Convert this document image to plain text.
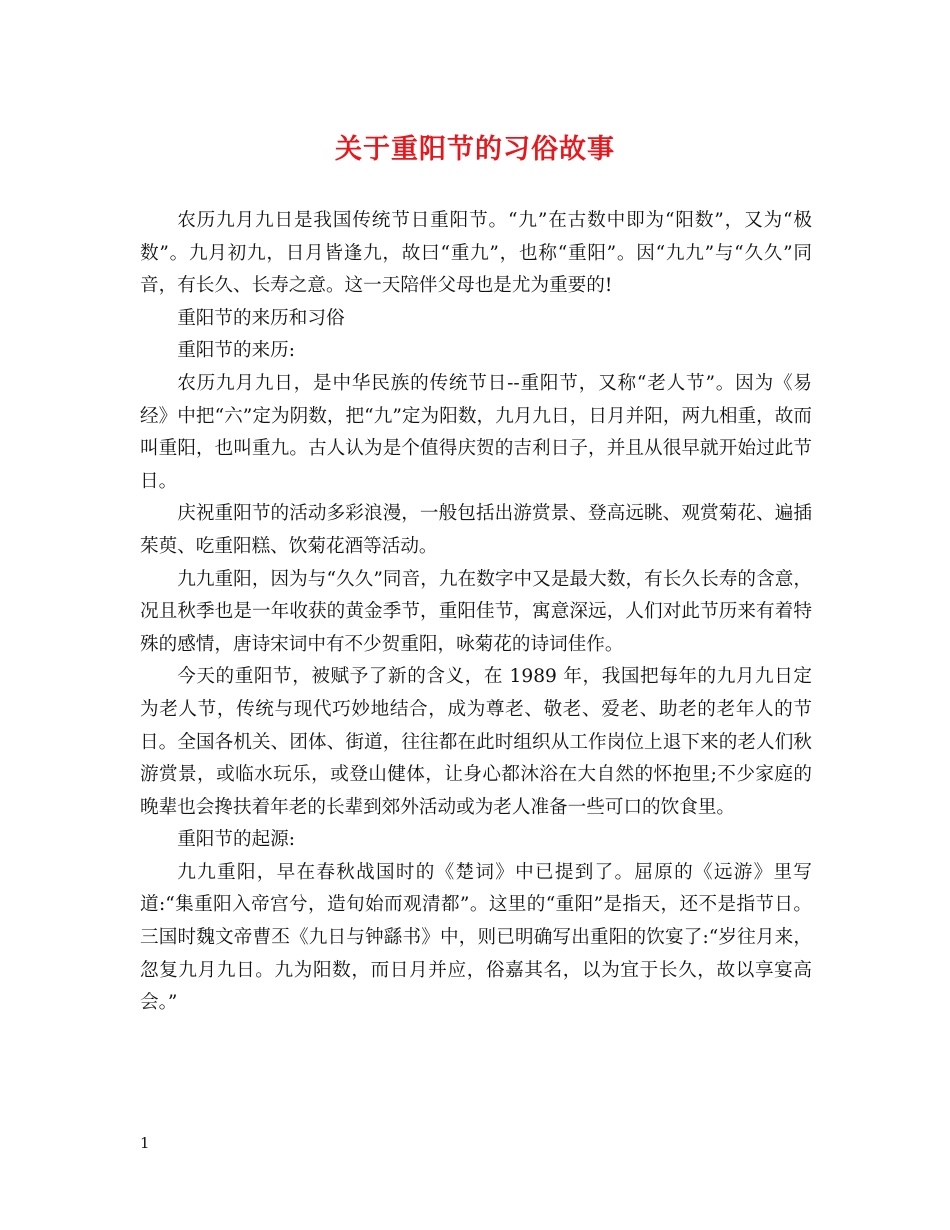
关于重阳节的习俗故事

农历九月九日是我国传统节日重阳节。“九”在古数中即为“阳数”，又为“极数”。九月初九，日月皆逢九，故曰“重九”，也称“重阳”。因“九九”与“久久”同音，有长久、长寿之意。这一天陪伴父母也是尤为重要的!

重阳节的来历和习俗

重阳节的来历:

农历九月九日，是中华民族的传统节日--重阳节，又称“老人节”。因为《易经》中把“六”定为阴数，把“九”定为阳数，九月九日，日月并阳，两九相重，故而叫重阳，也叫重九。古人认为是个值得庆贺的吉利日子，并且从很早就开始过此节日。

庆祝重阳节的活动多彩浪漫，一般包括出游赏景、登高远眺、观赏菊花、遍插茱萸、吃重阳糕、饮菊花酒等活动。

九九重阳，因为与“久久”同音，九在数字中又是最大数，有长久长寿的含意，况且秋季也是一年收获的黄金季节，重阳佳节，寓意深远，人们对此节历来有着特殊的感情，唐诗宋词中有不少贺重阳，咏菊花的诗词佳作。

今天的重阳节，被赋予了新的含义，在 1989 年，我国把每年的九月九日定为老人节，传统与现代巧妙地结合，成为尊老、敬老、爱老、助老的老年人的节日。全国各机关、团体、街道，往往都在此时组织从工作岗位上退下来的老人们秋游赏景，或临水玩乐，或登山健体，让身心都沐浴在大自然的怀抱里;不少家庭的晚辈也会搀扶着年老的长辈到郊外活动或为老人准备一些可口的饮食里。

重阳节的起源:

九九重阳，早在春秋战国时的《楚词》中已提到了。屈原的《远游》里写道:“集重阳入帝宫兮，造旬始而观清都”。这里的“重阳”是指天，还不是指节日。三国时魏文帝曹丕《九日与钟繇书》中，则已明确写出重阳的饮宴了:“岁往月来，忽复九月九日。九为阳数，而日月并应，俗嘉其名，以为宜于长久，故以享宴高会。”

1
